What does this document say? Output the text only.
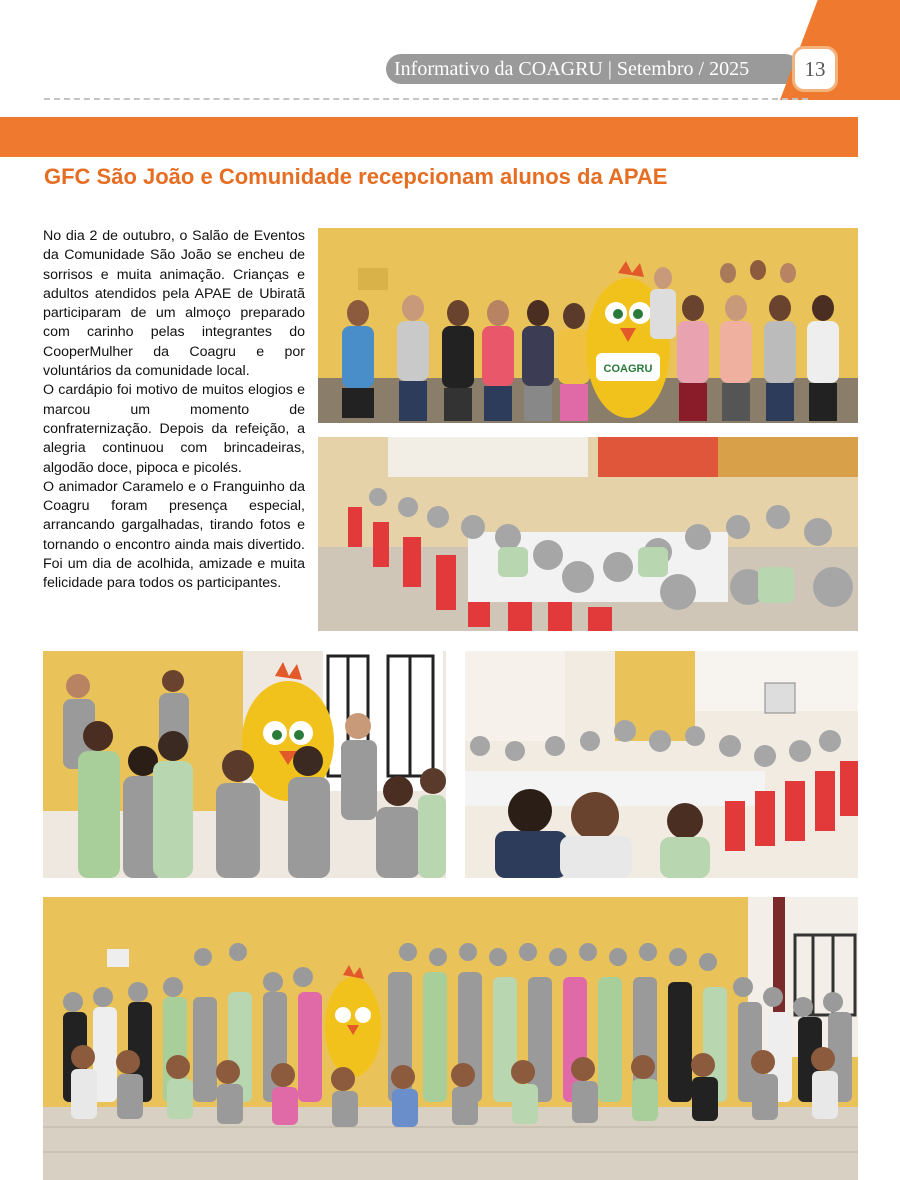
Informativo da COAGRU | Setembro / 2025	13
GFC São João e Comunidade recepcionam alunos da APAE

No dia 2 de outubro, o Salão de Eventos da Comunidade São João se encheu de sorrisos e muita animação. Crianças e adultos atendidos pela APAE de Ubiratã participaram de um almoço preparado com carinho pelas integrantes do CooperMulher da Coagru e por voluntários da comunidade local.

O cardápio foi motivo de muitos elogios e marcou um momento de confraternização. Depois da refeição, a alegria continuou com brincadeiras, algodão doce, pipoca e picolés.

O animador Caramelo e o Franguinho da Coagru foram presença especial, arrancando gargalhadas, tirando fotos e tornando o encontro ainda mais divertido. Foi um dia de acolhida, amizade e muita felicidade para todos os participantes.

COAGRU
